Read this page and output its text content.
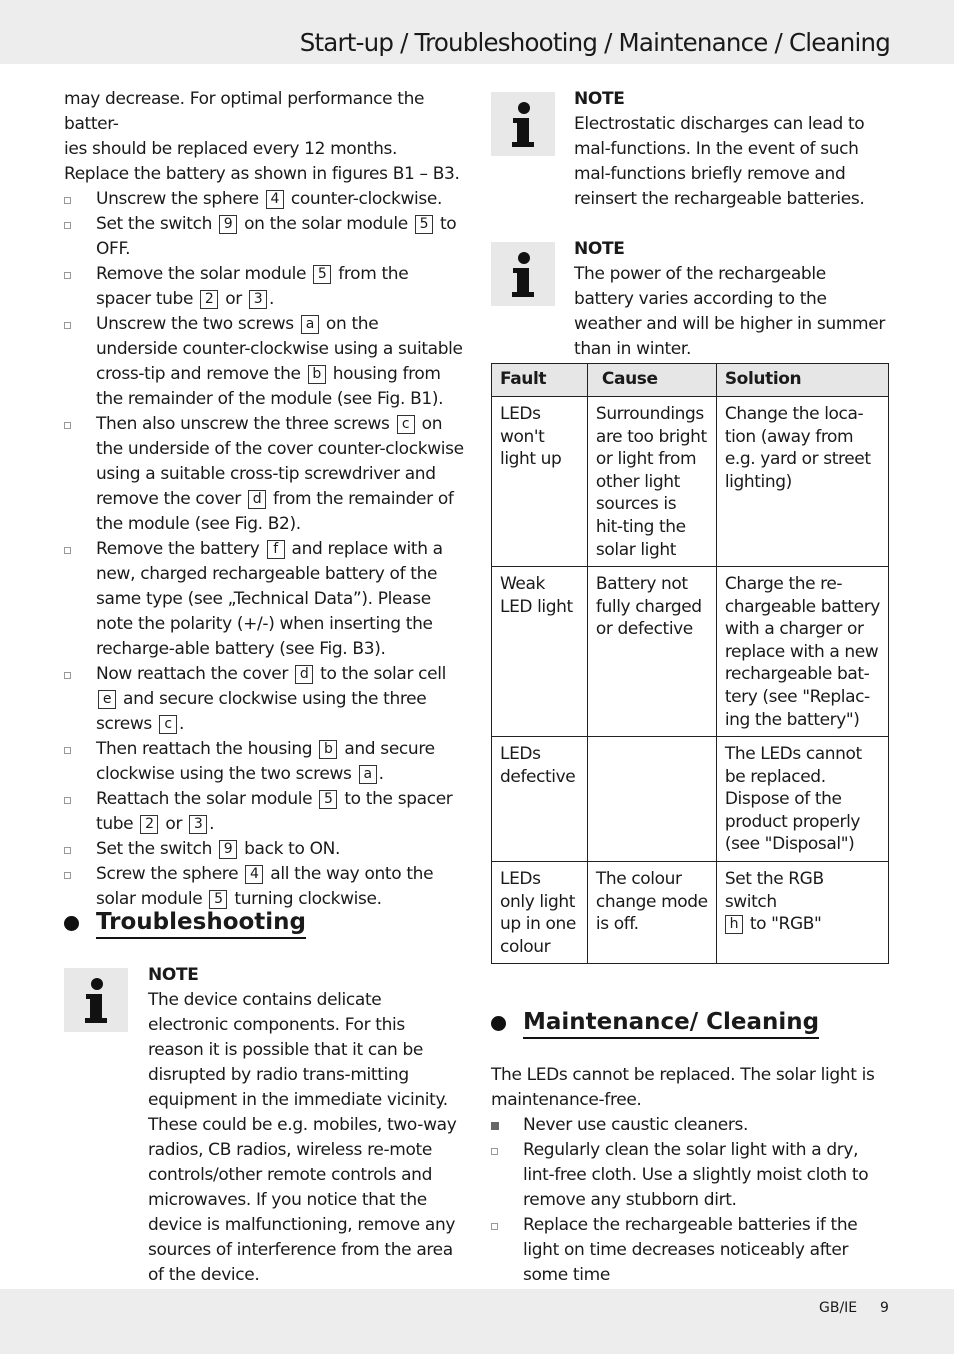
Start-up / Troubleshooting / Maintenance / Cleaning

may decrease. For optimal performance the batter-

ies should be replaced every 12 months.

Replace the battery as shown in figures B1 – B3.

Unscrew the sphere 4 counter-clockwise.

Set the switch 9 on the solar module 5 to OFF.

Remove the solar module 5 from the spacer tube 2 or 3 .

Unscrew the two screws a on the underside counter-clockwise using a suitable cross-tip and remove the b housing from the remainder of the module (see Fig. B1).

Then also unscrew the three screws c on the underside of the cover counter-clockwise using a suitable cross-tip screwdriver and remove the cover d from the remainder of the module (see Fig. B2).

Remove the battery f and replace with a new, charged rechargeable battery of the same type (see „Technical Data”). Please note the polarity (+/-) when inserting the recharge-able battery (see Fig. B3).

Now reattach the cover d to the solar cell e and secure clockwise using the three screws c .

Then reattach the housing b and secure clockwise using the two screws a .

Reattach the solar module 5 to the spacer tube 2 or 3 .

Set the switch 9 back to ON.

Screw the sphere 4 all the way onto the solar module 5 turning clockwise.

Troubleshooting
NOTE

The device contains delicate electronic components. For this reason it is possible that it can be disrupted by radio trans-mitting equipment in the immediate vicinity. These could be e.g. mobiles, two-way radios, CB radios, wireless re-mote controls/other remote controls and microwaves. If you notice that the device is malfunctioning, remove any sources of interference from the area of the device.

NOTE

Electrostatic discharges can lead to mal-functions. In the event of such mal-functions briefly remove and reinsert the rechargeable batteries.

NOTE

The power of the rechargeable battery varies according to the weather and will be higher in summer than in winter.

Fault	Cause	Solution
LEDs won't light up	Surroundings are too bright or light from other light sources is hit-ting the solar light	Change the loca-tion (away from e.g. yard or street lighting)
Weak LED light	Battery not fully charged or defective	Charge the re-chargeable battery with a charger or replace with a new rechargeable bat-tery (see "Replac-ing the battery")
LEDs defective		The LEDs cannot be replaced. Dispose of the product properly (see "Disposal")
LEDs only light up in one colour	The colour change mode is off.	Set the RGB switch
h to "RGB"
Maintenance/ Cleaning

The LEDs cannot be replaced. The solar light is maintenance-free.

Never use caustic cleaners.

Regularly clean the solar light with a dry, lint-free cloth. Use a slightly moist cloth to remove any stubborn dirt.

Replace the rechargeable batteries if the light on time decreases noticeably after some time

GB/IE 9
